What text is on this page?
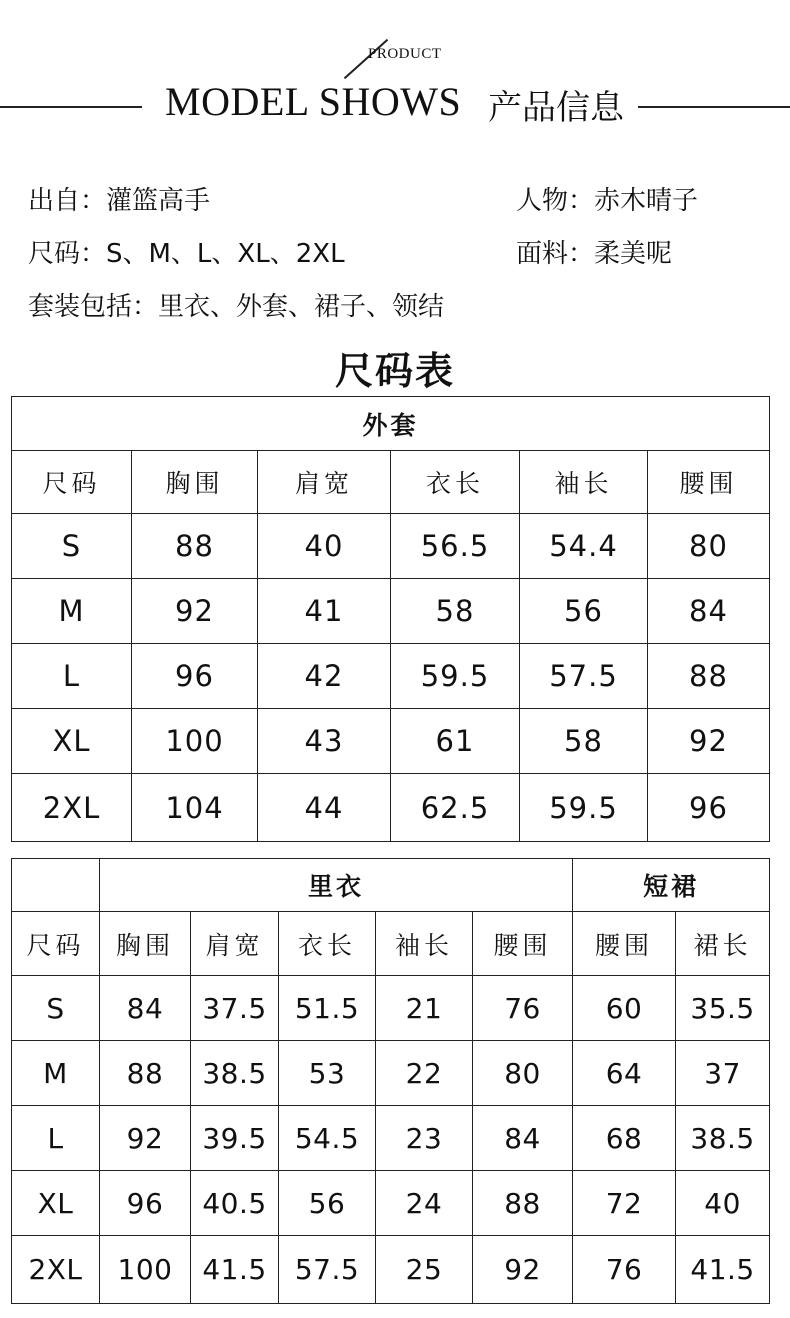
PRODUCT
MODEL SHOWS 产品信息
出自：灌篮高手	人物：赤木晴子
尺码：S、M、L、XL、2XL	面料：柔美呢
套装包括：里衣、外套、裙子、领结
尺码表
外套					
尺码	胸围	肩宽	衣长	袖长	腰围
S	88	40	56.5	54.4	80
M	92	41	58	56	84
L	96	42	59.5	57.5	88
XL	100	43	61	58	92
2XL	104	44	62.5	59.5	96
	里衣					短裙	
尺码	胸围	肩宽	衣长	袖长	腰围	腰围	裙长
S	84	37.5	51.5	21	76	60	35.5
M	88	38.5	53	22	80	64	37
L	92	39.5	54.5	23	84	68	38.5
XL	96	40.5	56	24	88	72	40
2XL	100	41.5	57.5	25	92	76	41.5
